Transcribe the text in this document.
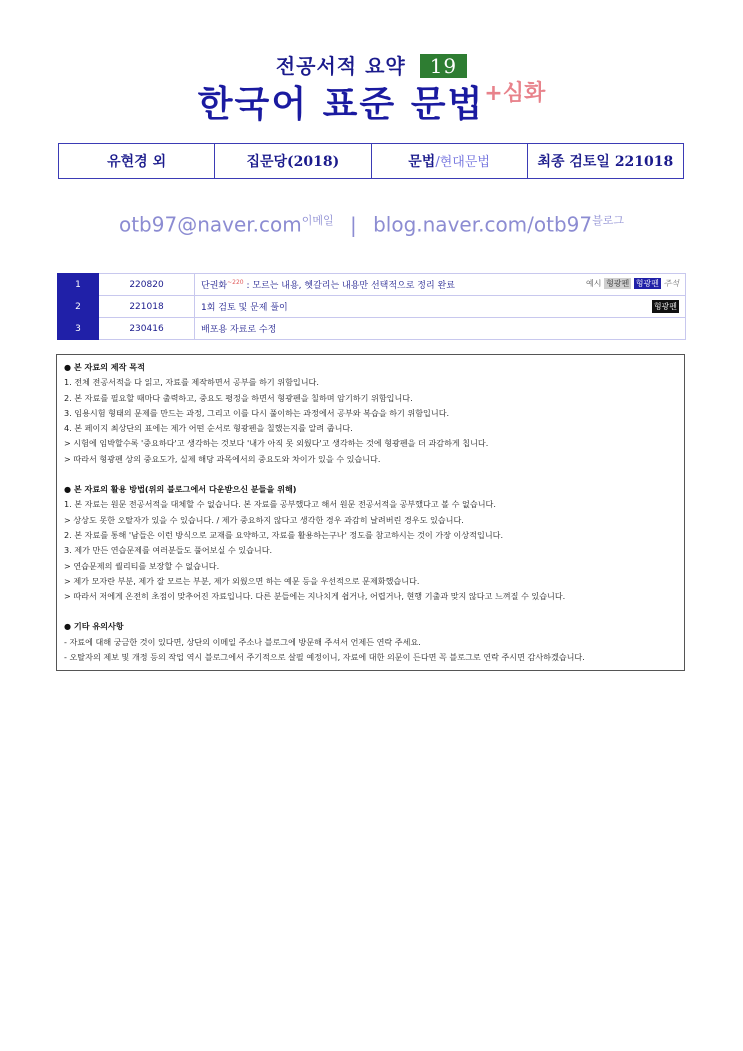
전공서적 요약 19
한국어 표준 문법+심화
유현경 외	집문당(2018)	문법/현대문법	최종 검토일 221018
otb97@naver.com$^{이메일}$ | $blog.naver.com/otb97^{블로그}$
1	220820	단권화$^{\sim 220}$ : 모르는 내용, 헷갈리는 내용만 선택적으로 정리 완료 예시 형광펜 형광펜 주석

2	221018	1회 검토 및 문제 풀이 형광펜

3	230416	배포용 자료로 수정
● 본 자료의 제작 목적
1. 전체 전공서적을 다 읽고, 자료를 제작하면서 공부를 하기 위함입니다.
2. 본 자료를 필요할 때마다 출력하고, 중요도 평정을 하면서 형광펜을 칠하며 암기하기 위함입니다.
3. 임용시험 형태의 문제를 만드는 과정, 그리고 이를 다시 풀이하는 과정에서 공부와 복습을 하기 위함입니다.
4. 본 페이지 최상단의 표에는 제가 어떤 순서로 형광펜을 칠했는지를 알려 줍니다.
> 시험에 임박할수록 '중요하다'고 생각하는 것보다 '내가 아직 못 외웠다'고 생각하는 것에 형광펜을 더 과감하게 칩니다.
> 따라서 형광펜 상의 중요도가, 실제 해당 과목에서의 중요도와 차이가 있을 수 있습니다.
● 본 자료의 활용 방법(위의 블로그에서 다운받으신 분들을 위해)
1. 본 자료는 원문 전공서적을 대체할 수 없습니다. 본 자료를 공부했다고 해서 원문 전공서적을 공부했다고 볼 수 없습니다.
> 상상도 못한 오탈자가 있을 수 있습니다. / 제가 중요하지 않다고 생각한 경우 과감히 날려버린 경우도 있습니다.
2. 본 자료를 통해 '남들은 이런 방식으로 교재를 요약하고, 자료를 활용하는구나' 정도를 참고하시는 것이 가장 이상적입니다.
3. 제가 만든 연습문제를 여러분들도 풀어보실 수 있습니다.
> 연습문제의 퀄리티를 보장할 수 없습니다.
> 제가 모자란 부분, 제가 잘 모르는 부분, 제가 외웠으면 하는 예문 등을 우선적으로 문제화했습니다.
> 따라서 저에게 온전히 초점이 맞추어진 자료입니다. 다른 분들에는 지나치게 쉽거나, 어렵거나, 현행 기출과 맞지 않다고 느껴질 수 있습니다.
● 기타 유의사항
- 자료에 대해 궁금한 것이 있다면, 상단의 이메일 주소나 블로그에 방문해 주셔서 언제든 연락 주세요.
- 오탈자의 제보 및 개정 등의 작업 역시 블로그에서 주기적으로 살필 예정이니, 자료에 대한 의문이 든다면 꼭 블로그로 연락 주시면 감사하겠습니다.
